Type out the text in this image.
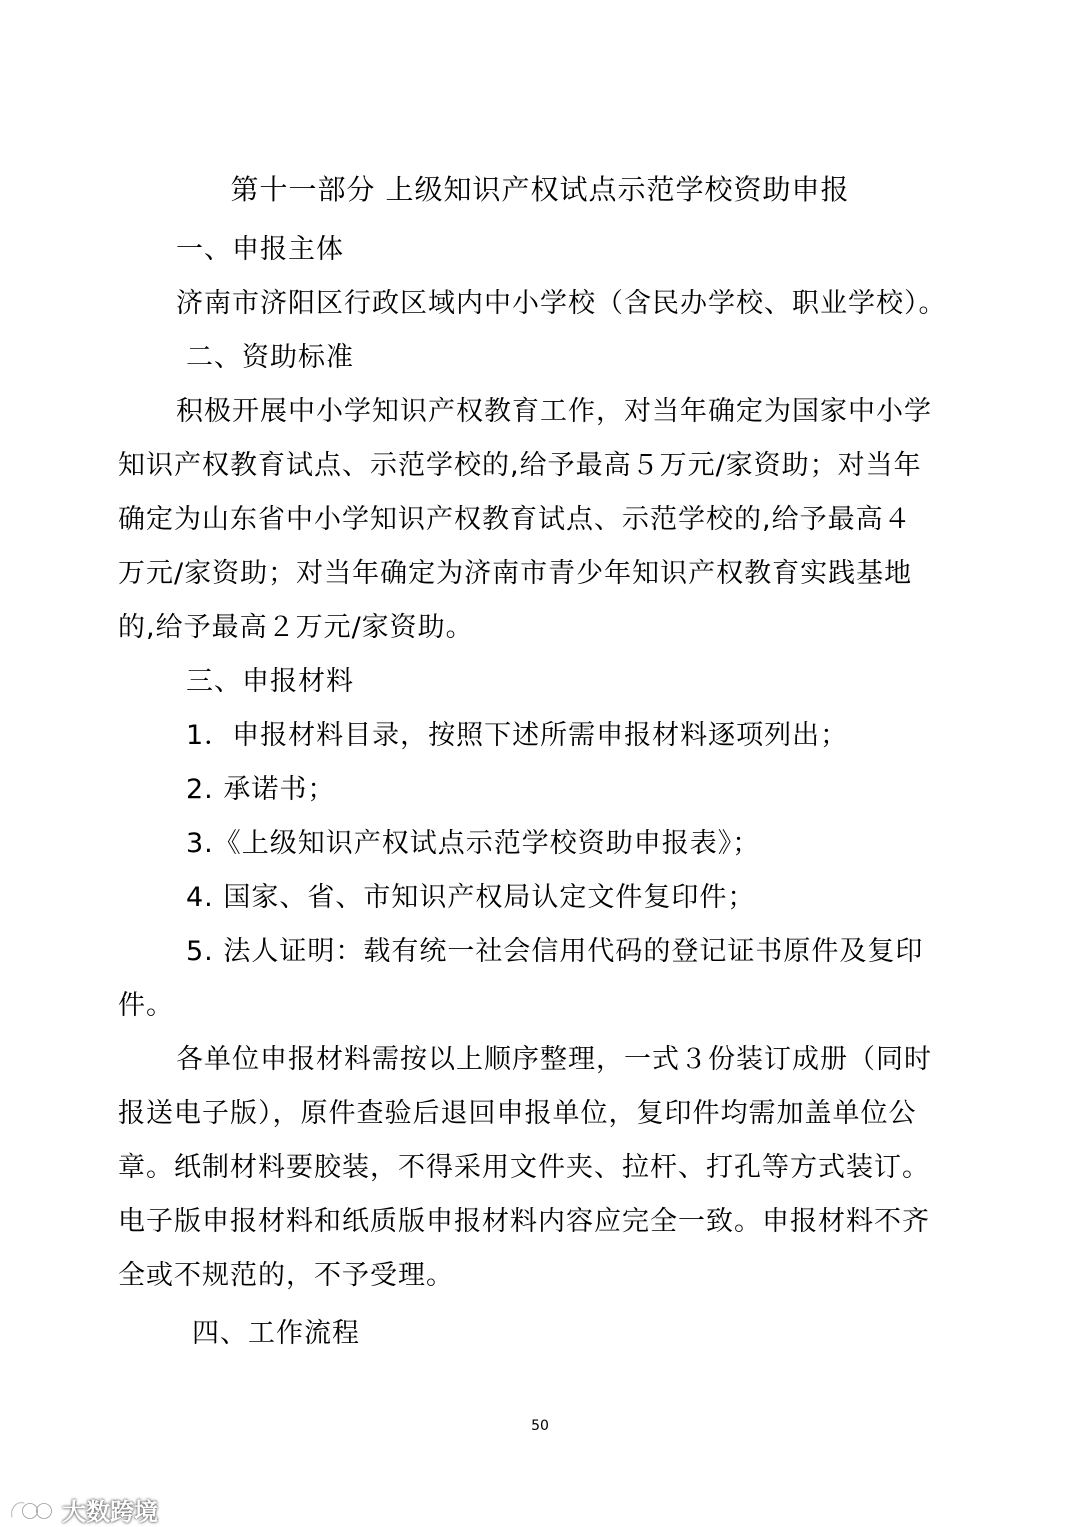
第十一部分 上级知识产权试点示范学校资助申报
一、申报主体
济南市济阳区行政区域内中小学校（含民办学校、职业学校）。
二、资助标准
积极开展中小学知识产权教育工作，对当年确定为国家中小学
知识产权教育试点、示范学校的,给予最高５万元/家资助；对当年
确定为山东省中小学知识产权教育试点、示范学校的,给予最高４
万元/家资助；对当年确定为济南市青少年知识产权教育实践基地
的,给予最高２万元/家资助。
三、申报材料
1．申报材料目录，按照下述所需申报材料逐项列出；
2. 承诺书；
3.《上级知识产权试点示范学校资助申报表》；
4. 国家、省、市知识产权局认定文件复印件；
5. 法人证明：载有统一社会信用代码的登记证书原件及复印
件。
各单位申报材料需按以上顺序整理，一式３份装订成册（同时
报送电子版），原件查验后退回申报单位，复印件均需加盖单位公
章。纸制材料要胶装，不得采用文件夹、拉杆、打孔等方式装订。
电子版申报材料和纸质版申报材料内容应完全一致。申报材料不齐
全或不规范的，不予受理。
四、工作流程
50
大数跨境
